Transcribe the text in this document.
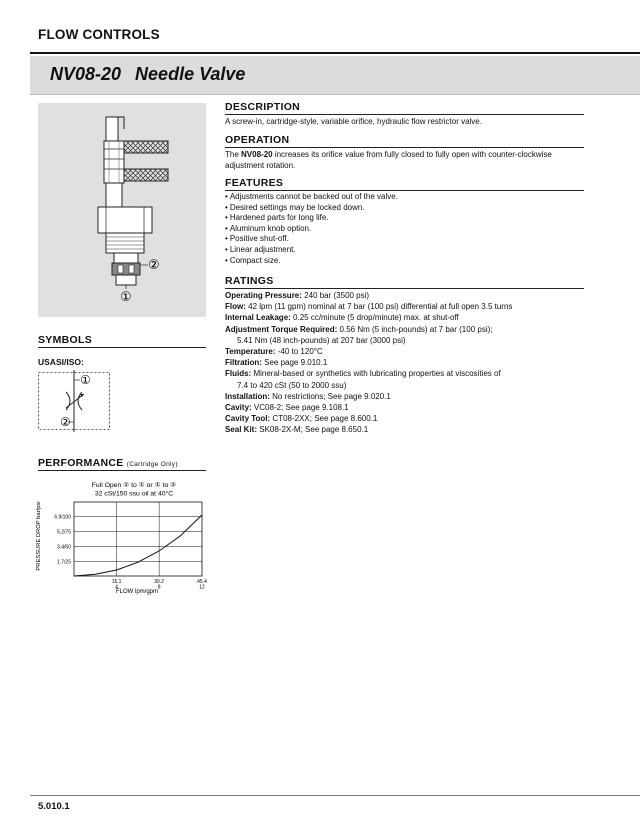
FLOW CONTROLS
NV08-20 Needle Valve
②
①
DESCRIPTION
A screw-in, cartridge-style, variable orifice, hydraulic flow restrictor valve.
OPERATION
The NV08-20 increases its orifice value from fully closed to fully open with counter-clockwise adjustment rotation.
FEATURES
• Adjustments cannot be backed out of the valve.
• Desired settings may be locked down.
• Hardened parts for long life.
• Aluminum knob option.
• Positive shut-off.
• Linear adjustment.
• Compact size.
RATINGS
Operating Pressure: 240 bar (3500 psi)
Flow: 42 lpm (11 gpm) nominal at 7 bar (100 psi) differential at full open 3.5 turns
Internal Leakage: 0.25 cc/minute (5 drop/minute) max. at shut-off
Adjustment Torque Required: 0.56 Nm (5 inch-pounds) at 7 bar (100 psi);
5.41 Nm (48 inch-pounds) at 207 bar (3000 psi)
Temperature: -40 to 120°C
Filtration: See page 9.010.1
Fluids: Mineral-based or synthetics with lubricating properties at viscosities of
7.4 to 420 cSt (50 to 2000 ssu)
Installation: No restrictions; See page 9.020.1
Cavity: VC08-2; See page 9.108.1
Cavity Tool: CT08-2XX; See page 8.600.1
Seal Kit: SK08-2X-M; See page 8.650.1
SYMBOLS
USASI/ISO:
①
②
PERFORMANCE (Cartridge Only)
Full Open ② to ① or ① to ②
32 cSt/150 ssu oil at 40°C
PRESSURE DROP bar/psi
FLOW lpm/gpm
6.9/100
5.2/75
3.4/50
1.7/25
15.1
4
30.2
8
45.4
12
5.010.1
